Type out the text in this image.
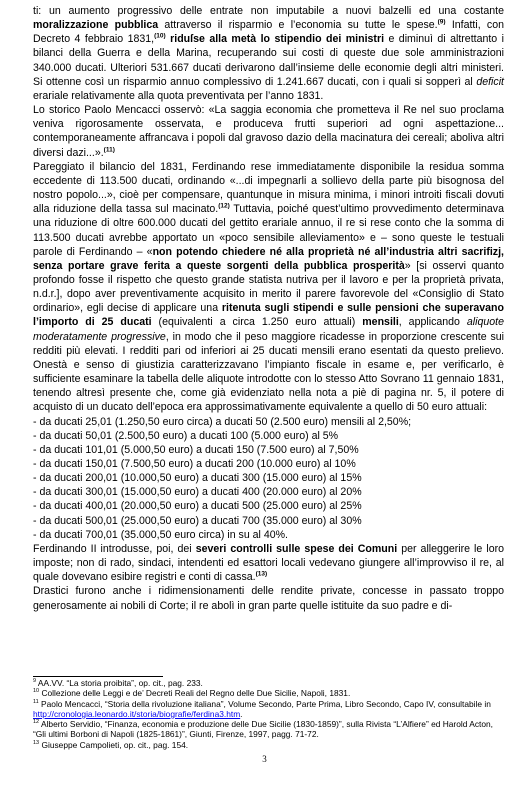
ti: un aumento progressivo delle entrate non imputabile a nuovi balzelli ed una costante moralizzazione pubblica attraverso il risparmio e l’economia su tutte le spese.$^{(9)}$ Infatti, con Decreto 4 febbraio 1831,$^{(10)}$ riduſse alla metà lo stipendio dei ministri e diminuì di altrettanto i bilanci della Guerra e della Marina, recuperando sui costi di queste due sole amministrazioni 340.000 ducati. Ulteriori 531.667 ducati derivarono dall’insieme delle economie degli altri ministeri. Si ottenne così un risparmio annuo complessivo di 1.241.667 ducati, con i quali si sopperì al deficit erariale relativamente alla quota preventivata per l’anno 1831.

Lo storico Paolo Mencacci osservò: «La saggia economia che prometteva il Re nel suo proclama veniva rigorosamente osservata, e produceva frutti superiori ad ogni aspettazione... contemporaneamente affrancava i popoli dal gravoso dazio della macinatura dei cereali; aboliva altri diversi dazi...».$^{(11)}$

Pareggiato il bilancio del 1831, Ferdinando rese immediatamente disponibile la residua somma eccedente di 113.500 ducati, ordinando «...di impegnarli a sollievo della parte più bisognosa del nostro popolo...», cioè per compensare, quantunque in misura minima, i minori introiti fiscali dovuti alla riduzione della tassa sul macinato.$^{(12)}$ Tuttavia, poiché quest’ultimo provvedimento determinava una riduzione di oltre 600.000 ducati del gettito erariale annuo, il re si rese conto che la somma di 113.500 ducati avrebbe apportato un «poco sensibile alleviamento» e – sono queste le testuali parole di Ferdinando – «non potendo chiedere né alla proprietà né all’industria altri sacrifizj, senza portare grave ferita a queste sorgenti della pubblica prosperità» [si osservi quanto profondo fosse il rispetto che questo grande statista nutriva per il lavoro e per la proprietà privata, n.d.r.], dopo aver preventivamente acquisito in merito il parere favorevole del «Consiglio di Stato ordinario», egli decise di applicare una ritenuta sugli stipendi e sulle pensioni che superavano l’importo di 25 ducati (equivalenti a circa 1.250 euro attuali) mensili, applicando aliquote moderatamente progressive, in modo che il peso maggiore ricadesse in proporzione crescente sui redditi più elevati. I redditi pari od inferiori ai 25 ducati mensili erano esentati da questo prelievo. Onestà e senso di giustizia caratterizzavano l’impianto fiscale in esame e, per verificarlo, è sufficiente esaminare la tabella delle aliquote introdotte con lo stesso Atto Sovrano 11 gennaio 1831, tenendo altresì presente che, come già evidenziato nella nota a piè di pagina nr. 5, il potere di acquisto di un ducato dell’epoca era approssimativamente equivalente a quello di 50 euro attuali:

- da ducati 25,01 (1.250,50 euro circa) a ducati 50 (2.500 euro) mensili al 2,50%;
- da ducati 50,01 (2.500,50 euro) a ducati 100 (5.000 euro) al 5%
- da ducati 101,01 (5.000,50 euro) a ducati 150 (7.500 euro) al 7,50%
- da ducati 150,01 (7.500,50 euro) a ducati 200 (10.000 euro) al 10%
- da ducati 200,01 (10.000,50 euro) a ducati 300 (15.000 euro) al 15%
- da ducati 300,01 (15.000,50 euro) a ducati 400 (20.000 euro) al 20%
- da ducati 400,01 (20.000,50 euro) a ducati 500 (25.000 euro) al 25%
- da ducati 500,01 (25.000,50 euro) a ducati 700 (35.000 euro) al 30%
- da ducati 700,01 (35.000,50 euro circa) in su al 40%.

Ferdinando II introdusse, poi, dei severi controlli sulle spese dei Comuni per alleggerire le loro imposte; non di rado, sindaci, intendenti ed esattori locali vedevano giungere all’improvviso il re, al quale dovevano esibire registri e conti di cassa.$^{(13)}$

Drastici furono anche i ridimensionamenti delle rendite private, concesse in passato troppo generosamente ai nobili di Corte; il re abolì in gran parte quelle istituite da suo padre e di-

$^9$ AA.VV. “La storia proibita”, op. cit., pag. 233.

$^{10}$ Collezione delle Leggi e de’ Decreti Reali del Regno delle Due Sicilie, Napoli, 1831.

$^{11}$ Paolo Mencacci, “Storia della rivoluzione italiana”, Volume Secondo, Parte Prima, Libro Secondo, Capo IV, consultabile in http://cronologia.leonardo.it/storia/biografie/ferdina3.htm.

$^{12}$ Alberto Servidio, “Finanza, economia e produzione delle Due Sicilie (1830-1859)”, sulla Rivista “L’Alfiere” ed Harold Acton, “Gli ultimi Borboni di Napoli (1825-1861)”, Giunti, Firenze, 1997, pagg. 71-72.

$^{13}$ Giuseppe Campolieti, op. cit., pag. 154.

3
